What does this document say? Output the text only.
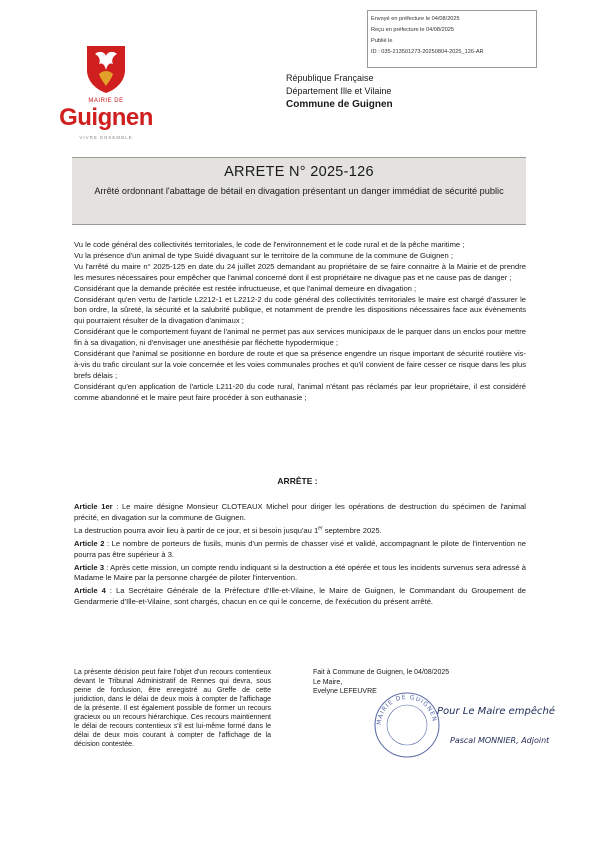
Envoyé en préfecture le 04/08/2025
Reçu en préfecture le 04/08/2025
Publié le
ID : 035-213501273-20250804-2025_126-AR
MAIRIE DE
Guignen
VIVRE ENSEMBLE
République Française
Département Ille et Vilaine
Commune de Guignen
ARRETE N° 2025-126
Arrêté ordonnant l'abattage de bétail en divagation présentant un danger immédiat de sécurité public

Vu le code général des collectivités territoriales, le code de l'environnement et le code rural et de la pêche maritime ;

Vu la présence d'un animal de type Suidé divaguant sur le territoire de la commune de la commune de Guignen ;

Vu l'arrêté du maire n° 2025-125 en date du 24 juillet 2025 demandant au propriétaire de se faire connaitre à la Mairie et de prendre les mesures nécessaires pour empêcher que l'animal concerné dont il est propriétaire ne divague pas et ne cause pas de danger ;

Considérant que la demande précitée est restée infructueuse, et que l'animal demeure en divagation ;

Considérant qu'en vertu de l'article L2212-1 et L2212-2 du code général des collectivités territoriales le maire est chargé d'assurer le bon ordre, la sûreté, la sécurité et la salubrité publique, et notamment de prendre les dispositions nécessaires face aux évènements qui pourraient résulter de la divagation d'animaux ;

Considérant que le comportement fuyant de l'animal ne permet pas aux services municipaux de le parquer dans un enclos pour mettre fin à sa divagation, ni d'envisager une anesthésie par fléchette hypodermique ;

Considérant que l'animal se positionne en bordure de route et que sa présence engendre un risque important de sécurité routière vis-à-vis du trafic circulant sur la voie concernée et les voies communales proches et qu'il convient de faire cesser ce risque dans les plus brefs délais ;

Considérant qu'en application de l'article L211-20 du code rural, l'animal n'étant pas réclamés par leur propriétaire, il est considéré comme abandonné et le maire peut faire procéder à son euthanasie ;

ARRÊTE :

Article 1er : Le maire désigne Monsieur CLOTEAUX Michel pour diriger les opérations de destruction du spécimen de l'animal précité, en divagation sur la commune de Guignen.

La destruction pourra avoir lieu à partir de ce jour, et si besoin jusqu'au 1er septembre 2025.

Article 2 : Le nombre de porteurs de fusils, munis d'un permis de chasser visé et validé, accompagnant le pilote de l'intervention ne pourra pas être supérieur à 3.

Article 3 : Après cette mission, un compte rendu indiquant si la destruction a été opérée et tous les incidents survenus sera adressé à Madame le Maire par la personne chargée de piloter l'intervention.

Article 4 : La Secrétaire Générale de la Préfecture d'Ille-et-Vilaine, le Maire de Guignen, le Commandant du Groupement de Gendarmerie d'Ille-et-Vilaine, sont chargés, chacun en ce qui le concerne, de l'exécution du présent arrêté.

La présente décision peut faire l'objet d'un recours contentieux devant le Tribunal Administratif de Rennes qui devra, sous peine de forclusion, être enregistré au Greffe de cette juridiction, dans le délai de deux mois à compter de l'affichage de la présente. Il est également possible de former un recours gracieux ou un recours hiérarchique. Ces recours maintiennent le délai de recours contentieux s'il est lui-même formé dans le délai de deux mois courant à compter de l'affichage de la décision contestée.

Fait à Commune de Guignen, le 04/08/2025
Le Maire,
Evelyne LEFEUVRE
MAIRIE DE GUIGNEN
Pour Le Maire empêché
Pascal MONNIER, Adjoint
